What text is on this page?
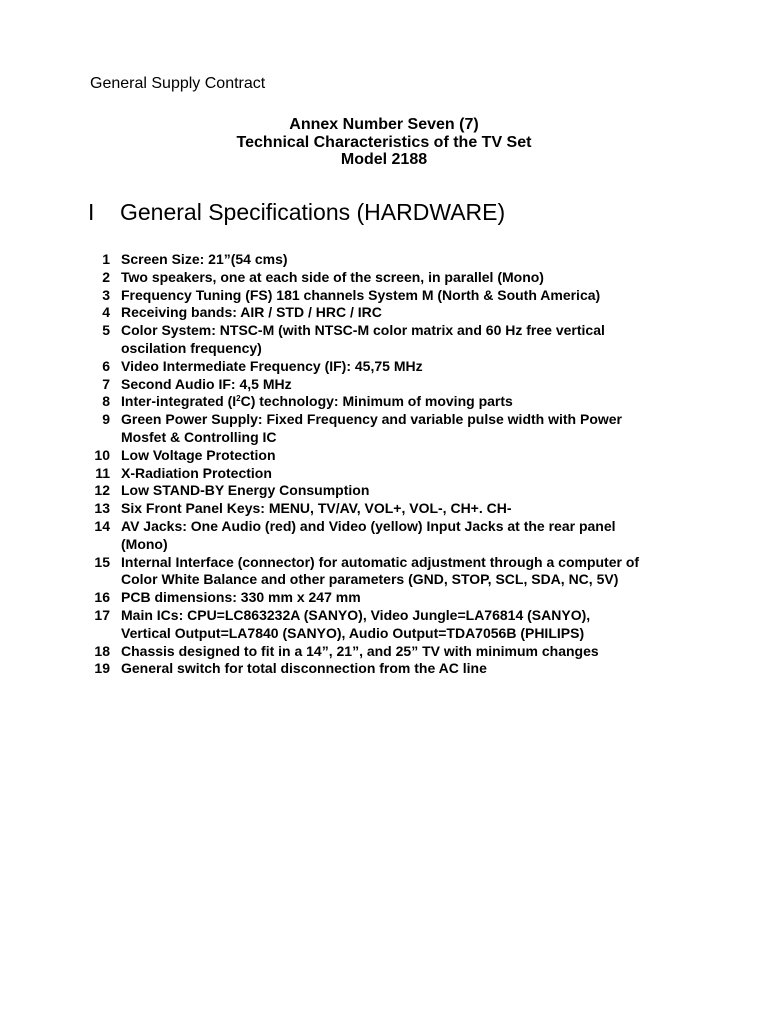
General Supply Contract
Annex Number Seven (7)
Technical Characteristics of the TV Set
Model 2188
I General Specifications (HARDWARE)
1 Screen Size: 21”(54 cms)
2 Two speakers, one at each side of the screen, in parallel (Mono)
3 Frequency Tuning (FS) 181 channels System M (North & South America)
4 Receiving bands: AIR / STD / HRC / IRC
5 Color System: NTSC-M (with NTSC-M color matrix and 60 Hz free vertical
oscilation frequency)
6 Video Intermediate Frequency (IF): 45,75 MHz
7 Second Audio IF: 4,5 MHz
8 Inter-integrated $(I^2C)$ technology: Minimum of moving parts
9 Green Power Supply: Fixed Frequency and variable pulse width with Power
Mosfet & Controlling IC
10 Low Voltage Protection
11 X-Radiation Protection
12 Low STAND-BY Energy Consumption
13 Six Front Panel Keys: MENU, TV/AV, VOL+, VOL-, CH+. CH-
14 AV Jacks: One Audio (red) and Video (yellow) Input Jacks at the rear panel
(Mono)
15 Internal Interface (connector) for automatic adjustment through a computer of
Color White Balance and other parameters (GND, STOP, SCL, SDA, NC, 5V)
16 PCB dimensions: 330 mm x 247 mm
17 Main ICs: CPU=LC863232A (SANYO), Video Jungle=LA76814 (SANYO),
Vertical Output=LA7840 (SANYO), Audio Output=TDA7056B (PHILIPS)
18 Chassis designed to fit in a 14”, 21”, and 25” TV with minimum changes
19 General switch for total disconnection from the AC line
